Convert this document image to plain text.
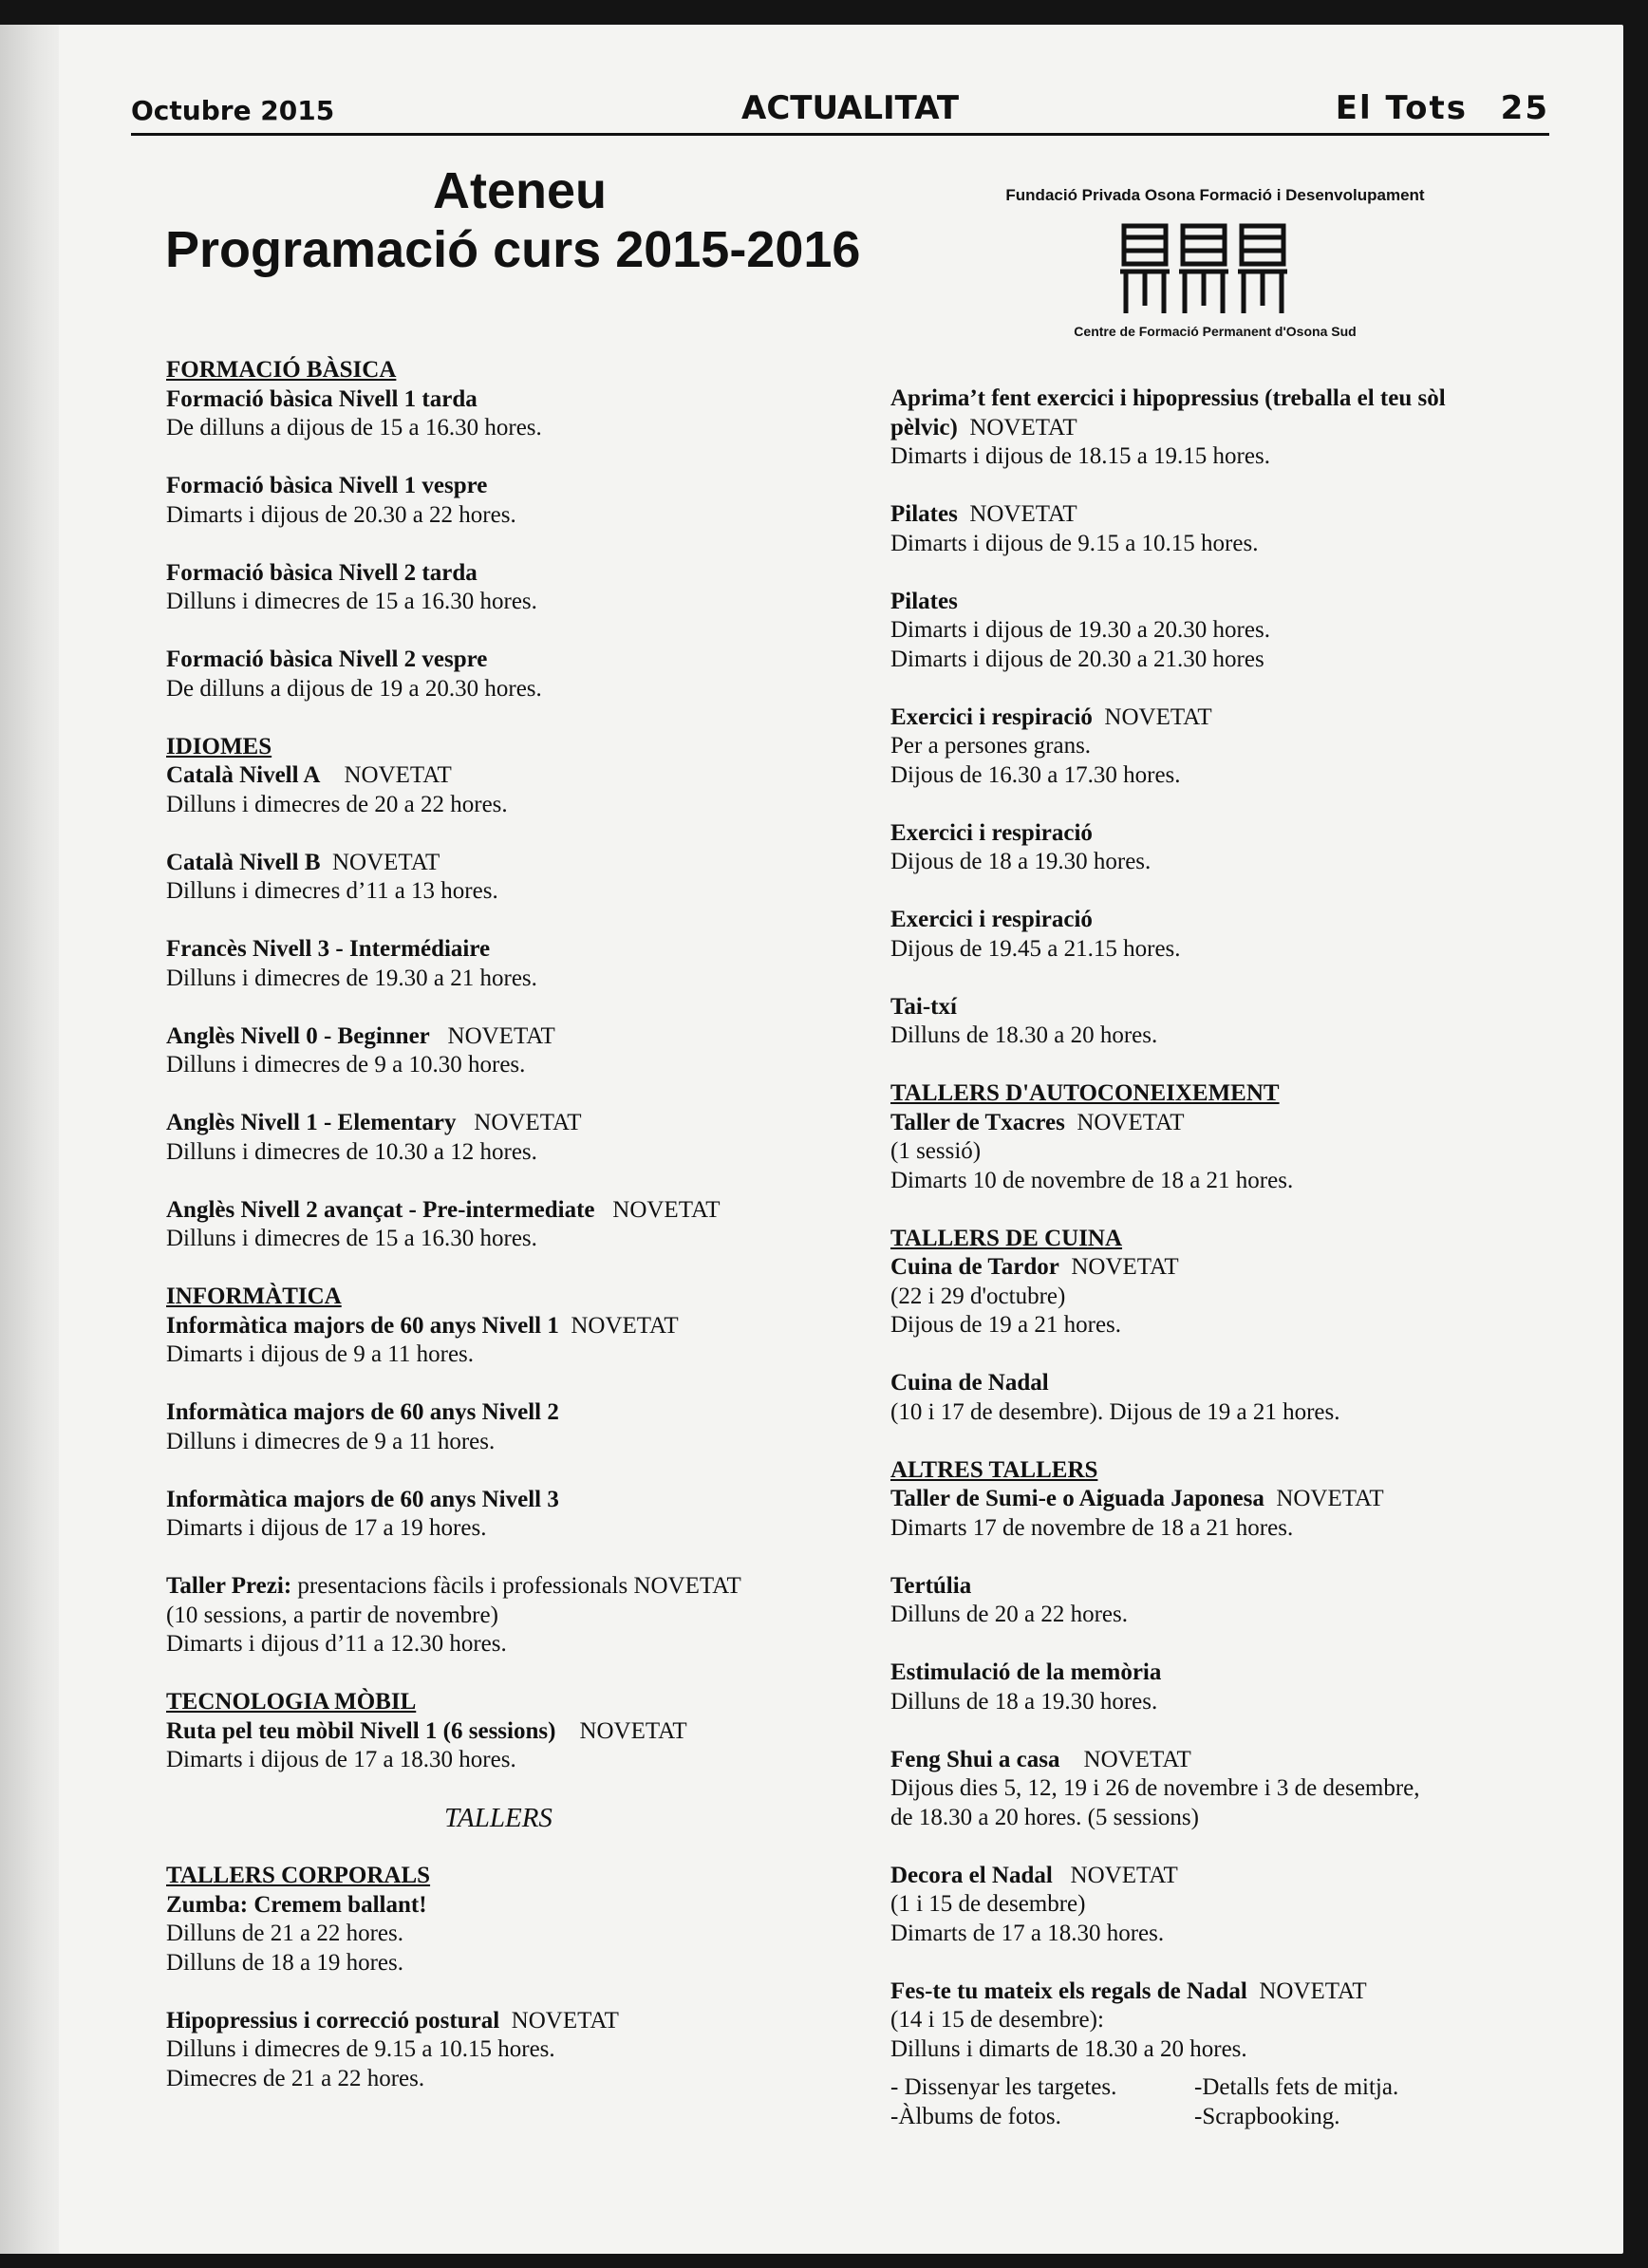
Octubre 2015	ACTUALITAT	El Tots 25
Ateneu
Programació curs 2015-2016
Fundació Privada Osona Formació i Desenvolupament
Centre de Formació Permanent d'Osona Sud
FORMACIÓ BÀSICA
Formació bàsica Nivell 1 tarda
De dilluns a dijous de 15 a 16.30 hores.
Formació bàsica Nivell 1 vespre
Dimarts i dijous de 20.30 a 22 hores.
Formació bàsica Nivell 2 tarda
Dilluns i dimecres de 15 a 16.30 hores.
Formació bàsica Nivell 2 vespre
De dilluns a dijous de 19 a 20.30 hores.
IDIOMES
Català Nivell A NOVETAT
Dilluns i dimecres de 20 a 22 hores.
Català Nivell B NOVETAT
Dilluns i dimecres d’11 a 13 hores.
Francès Nivell 3 - Intermédiaire
Dilluns i dimecres de 19.30 a 21 hores.
Anglès Nivell 0 - Beginner NOVETAT
Dilluns i dimecres de 9 a 10.30 hores.
Anglès Nivell 1 - Elementary NOVETAT
Dilluns i dimecres de 10.30 a 12 hores.
Anglès Nivell 2 avançat - Pre-intermediate NOVETAT
Dilluns i dimecres de 15 a 16.30 hores.
INFORMÀTICA
Informàtica majors de 60 anys Nivell 1 NOVETAT
Dimarts i dijous de 9 a 11 hores.
Informàtica majors de 60 anys Nivell 2
Dilluns i dimecres de 9 a 11 hores.
Informàtica majors de 60 anys Nivell 3
Dimarts i dijous de 17 a 19 hores.
Taller Prezi: presentacions fàcils i professionals NOVETAT
(10 sessions, a partir de novembre)
Dimarts i dijous d’11 a 12.30 hores.
TECNOLOGIA MÒBIL
Ruta pel teu mòbil Nivell 1 (6 sessions) NOVETAT
Dimarts i dijous de 17 a 18.30 hores.
TALLERS
TALLERS CORPORALS
Zumba: Cremem ballant!
Dilluns de 21 a 22 hores.
Dilluns de 18 a 19 hores.
Hipopressius i correcció postural NOVETAT
Dilluns i dimecres de 9.15 a 10.15 hores.
Dimecres de 21 a 22 hores.
Aprima’t fent exercici i hipopressius (treballa el teu sòl pèlvic) NOVETAT
Dimarts i dijous de 18.15 a 19.15 hores.
Pilates NOVETAT
Dimarts i dijous de 9.15 a 10.15 hores.
Pilates
Dimarts i dijous de 19.30 a 20.30 hores.
Dimarts i dijous de 20.30 a 21.30 hores
Exercici i respiració NOVETAT
Per a persones grans.
Dijous de 16.30 a 17.30 hores.
Exercici i respiració
Dijous de 18 a 19.30 hores.
Exercici i respiració
Dijous de 19.45 a 21.15 hores.
Tai-txí
Dilluns de 18.30 a 20 hores.
TALLERS D'AUTOCONEIXEMENT
Taller de Txacres NOVETAT
(1 sessió)
Dimarts 10 de novembre de 18 a 21 hores.
TALLERS DE CUINA
Cuina de Tardor NOVETAT
(22 i 29 d'octubre)
Dijous de 19 a 21 hores.
Cuina de Nadal
(10 i 17 de desembre). Dijous de 19 a 21 hores.
ALTRES TALLERS
Taller de Sumi-e o Aiguada Japonesa NOVETAT
Dimarts 17 de novembre de 18 a 21 hores.
Tertúlia
Dilluns de 20 a 22 hores.
Estimulació de la memòria
Dilluns de 18 a 19.30 hores.
Feng Shui a casa NOVETAT
Dijous dies 5, 12, 19 i 26 de novembre i 3 de desembre,
de 18.30 a 20 hores. (5 sessions)
Decora el Nadal NOVETAT
(1 i 15 de desembre)
Dimarts de 17 a 18.30 hores.
Fes-te tu mateix els regals de Nadal NOVETAT
(14 i 15 de desembre):
Dilluns i dimarts de 18.30 a 20 hores.
- Dissenyar les targetes.	-Detalls fets de mitja.
-Àlbums de fotos.	-Scrapbooking.
